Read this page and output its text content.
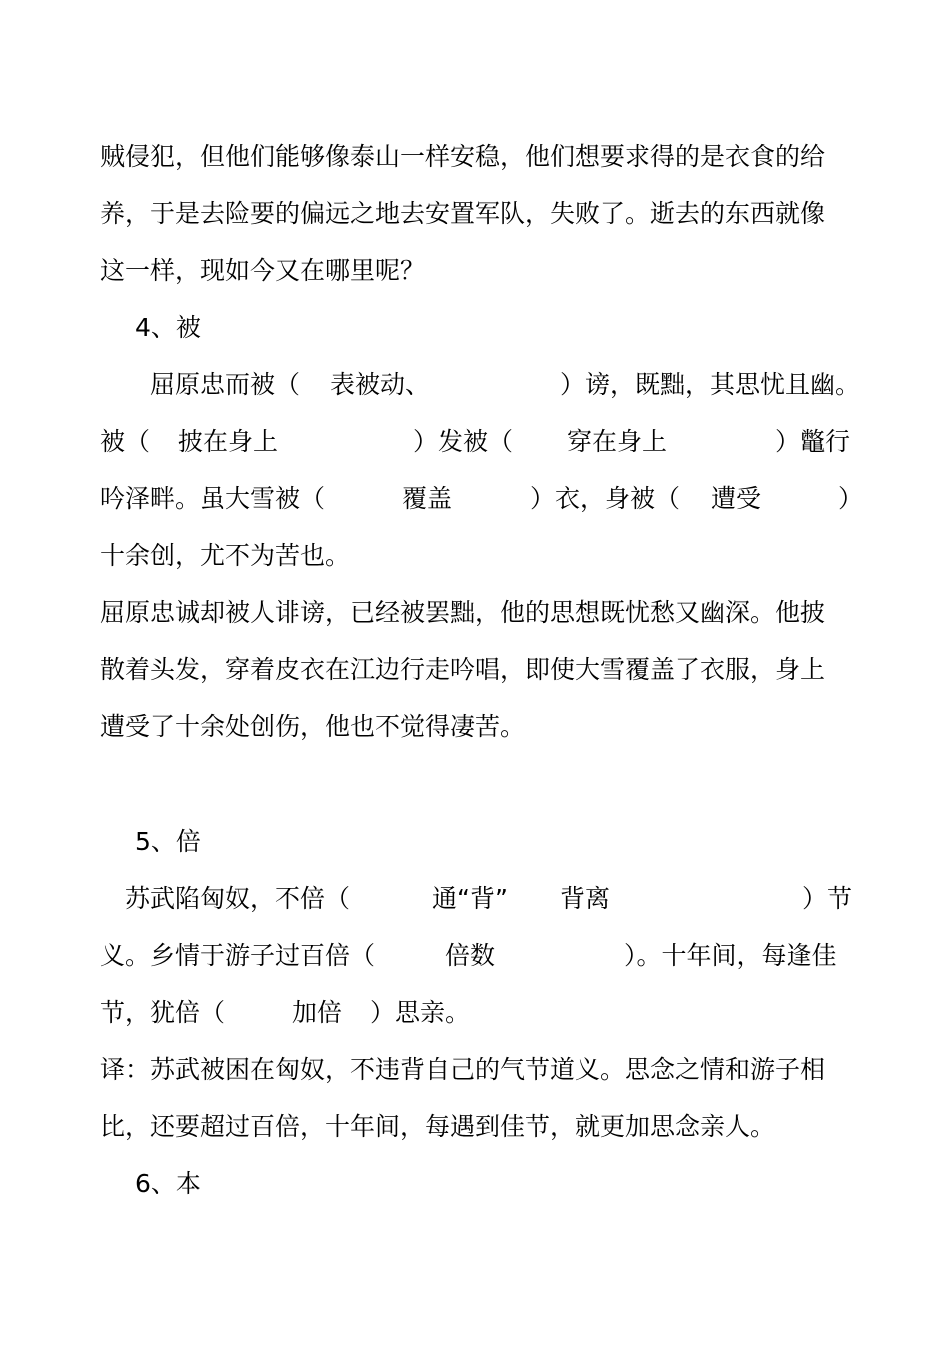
贼侵犯，但他们能够像泰山一样安稳，他们想要求得的是衣食的给
养，于是去险要的偏远之地去安置军队，失败了。逝去的东西就像
这一样，现如今又在哪里呢？
4、被
屈原忠而被（ 表被动、	）谤，既黜，其思忧且幽。
被（ 披在身上	）发被（ 穿在身上	）鼈行
吟泽畔。虽大雪被（	覆盖	）衣，身被（ 遭受	）
十余创，尤不为苦也。
屈原忠诚却被人诽谤，已经被罢黜，他的思想既忧愁又幽深。他披
散着头发，穿着皮衣在江边行走吟唱，即使大雪覆盖了衣服，身上
遭受了十余处创伤，他也不觉得凄苦。
5、倍
苏武陷匈奴，不倍（	通“背” 背离	）节
义。乡情于游子过百倍（	倍数	）。十年间，每逢佳
节，犹倍（	加倍 ）思亲。
译：苏武被困在匈奴，不违背自己的气节道义。思念之情和游子相
比，还要超过百倍，十年间，每遇到佳节，就更加思念亲人。
6、本
